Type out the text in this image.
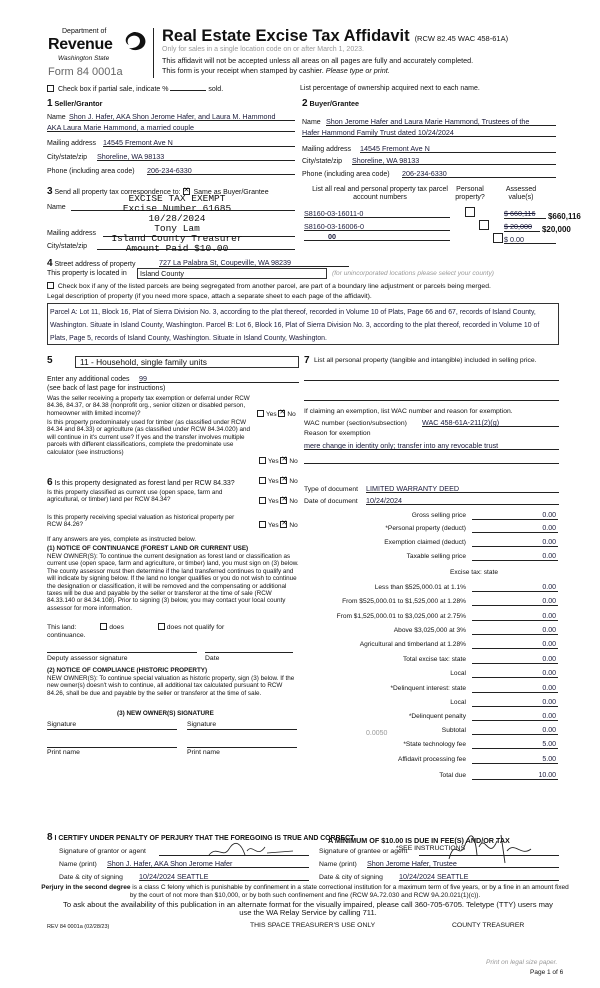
Department of
Revenue
Washington State
Form 84 0001a
Real Estate Excise Tax Affidavit (RCW 82.45 WAC 458-61A)
Only for sales in a single location code on or after March 1, 2023.
This affidavit will not be accepted unless all areas on all pages are fully and accurately completed.
This form is your receipt when stamped by cashier. Please type or print.
Check box if partial sale, indicate %	sold.	List percentage of ownership acquired next to each name.
1 Seller/Grantor
Name Shon J. Hafer, AKA Shon Jerome Hafer, and Laura M. Hammond
AKA Laura Marie Hammond, a married couple
Mailing address 14545 Fremont Ave N
City/state/zip Shoreline, WA 98133
Phone (including area code) 206-234-6330
2 Buyer/Grantee
Name Shon Jerome Hafer and Laura Marie Hammond, Trustees of the
Hafer Hammond Family Trust dated 10/24/2024
Mailing address 14545 Fremont Ave N
City/state/zip Shoreline, WA 98133
Phone (including area code) 206-234-6330
3 Send all property tax correspondence to: ✕ Same as Buyer/Grantee
Name
Mailing address
City/state/zip
EXCISE TAX EXEMPT
Excise Number 61685
10/28/2024
Tony Lam
Island County Treasurer
Amount Paid $10.00
List all real and personal property tax parcel account numbers
Personal property?
Assessed value(s)
S8160-03-16011-0
	$ 660,116 $660,116
S8160-03-16006-0
	$ 20,000 $20,000
00	$ 0.00
4 Street address of property	727 La Palabra St, Coupeville, WA 98239
This property is located in	Island County	(for unincorporated locations please select your county)
Check box if any of the listed parcels are being segregated from another parcel, are part of a boundary line adjustment or parcels being merged.
Legal description of property (if you need more space, attach a separate sheet to each page of the affidavit).
Parcel A: Lot 11, Block 16, Plat of Sierra Division No. 3, according to the plat thereof, recorded in Volume 10 of Plats, Page 66 and 67, records of Island County, Washington. Situate in Island County, Washington. Parcel B: Lot 6, Block 16, Plat of Sierra Division No. 3, according to the plat thereof, recorded in Volume 10 of Plats, Page 5, records of Island County, Washington. Situate in Island County, Washington.
5	11 - Household, single family units
Enter any additional codes 99
(see back of last page for instructions)
Was the seller receiving a property tax exemption or deferral under RCW 84.36, 84.37, or 84.38 (nonprofit org., senior citizen or disabled person, homeowner with limited income)?	Yes ✕ No
Is this property predominately used for timber (as classified under RCW 84.34 and 84.33) or agriculture (as classified under RCW 84.34.020) and will continue in it's current use? If yes and the transfer involves multiple parcels with different classifications, complete the predominate use calculator (see instructions)
Yes ✕ No
6 Is this property designated as forest land per RCW 84.33?	Yes ✕ No
Is this property classified as current use (open space, farm and agricultural, or timber) land per RCW 84.34?	Yes ✕ No
Is this property receiving special valuation as historical property per RCW 84.26?	Yes ✕ No
If any answers are yes, complete as instructed below.
(1) NOTICE OF CONTINUANCE (FOREST LAND OR CURRENT USE)
NEW OWNER(S): To continue the current designation as forest land or classification as current use (open space, farm and agriculture, or timber) land, you must sign on (3) below. The county assessor must then determine if the land transferred continues to qualify and will indicate by signing below. If the land no longer qualifies or you do not wish to continue the designation or classification, it will be removed and the compensating or additional taxes will be due and payable by the seller or transferor at the time of sale (RCW 84.33.140 or 84.34.108). Prior to signing (3) below, you may contact your local county assessor for more information.
This land:	does	does not qualify for
continuance.
Deputy assessor signature	Date
(2) NOTICE OF COMPLIANCE (HISTORIC PROPERTY)
NEW OWNER(S): To continue special valuation as historic property, sign (3) below. If the new owner(s) doesn't wish to continue, all additional tax calculated pursuant to RCW 84.26, shall be due and payable by the seller or transferor at the time of sale.
(3) NEW OWNER(S) SIGNATURE
Signature	Signature
Print name	Print name
7 List all personal property (tangible and intangible) included in selling price.
If claiming an exemption, list WAC number and reason for exemption.
WAC number (section/subsection) WAC 458-61A-211(2)(g)
Reason for exemption
mere change in identity only; transfer into any revocable trust
Type of document LIMITED WARRANTY DEED
Date of document 10/24/2024
Gross selling price	0.00
*Personal property (deduct)	0.00
Exemption claimed (deduct)	0.00
Taxable selling price	0.00
Excise tax: state
Less than $525,000.01 at 1.1%	0.00
From $525,000.01 to $1,525,000 at 1.28%	0.00
From $1,525,000.01 to $3,025,000 at 2.75%	0.00
Above $3,025,000 at 3%	0.00
Agricultural and timberland at 1.28%	0.00
Total excise tax: state	0.00
Local	0.00
*Delinquent interest: state	0.00
Local	0.00
*Delinquent penalty	0.00
Subtotal	0.00
*State technology fee	5.00
Affidavit processing fee	5.00
Total due	10.00
0.0050
A MINIMUM OF $10.00 IS DUE IN FEE(S) AND/OR TAX
*SEE INSTRUCTIONS
8 I CERTIFY UNDER PENALTY OF PERJURY THAT THE FOREGOING IS TRUE AND CORRECT
Signature of grantor or agent
Name (print) Shon J. Hafer, AKA Shon Jerome Hafer
Date & city of signing 10/24/2024 SEATTLE
Signature of grantee or agent
Name (print) Shon Jerome Hafer, Trustee
Date & city of signing 10/24/2024 SEATTLE
Perjury in the second degree is a class C felony which is punishable by confinement in a state correctional institution for a maximum term of five years, or by a fine in an amount fixed by the court of not more than $10,000, or by both such confinement and fine (RCW 9A.72.030 and RCW 9A.20.021(1)(c)).
To ask about the availability of this publication in an alternate format for the visually impaired, please call 360-705-6705. Teletype (TTY) users may use the WA Relay Service by calling 711.
REV 84 0001a (02/28/23)	THIS SPACE TREASURER'S USE ONLY	COUNTY TREASURER
Print on legal size paper.
Page 1 of 6
